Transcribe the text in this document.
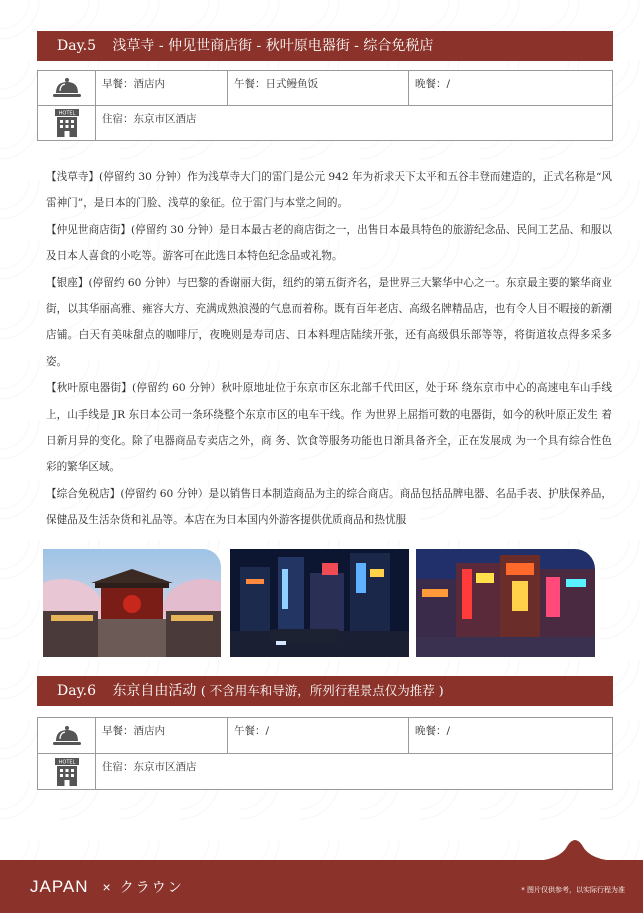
Day.5 浅草寺 - 仲见世商店街 - 秋叶原电器街 - 综合免税店
	早餐：酒店内	午餐：日式鳗鱼饭	晚餐：/

HOTEL	住宿：东京市区酒店		

【浅草寺】(停留约 30 分钟）作为浅草寺大门的雷门是公元 942 年为祈求天下太平和五谷丰登而建造的，正式名称是“风雷神门”，是日本的门脸、浅草的象征。位于雷门与本堂之间的。

【仲见世商店街】(停留约 30 分钟）是日本最古老的商店街之一，出售日本最具特色的旅游纪念品、民间工艺品、和服以及日本人喜食的小吃等。游客可在此选日本特色纪念品或礼物。

【银座】(停留约 60 分钟）与巴黎的香谢丽大街，纽约的第五街齐名，是世界三大繁华中心之一。东京最主要的繁华商业街，以其华丽高雅、雍容大方、充满成熟浪漫的气息而着称。既有百年老店、高级名牌精品店，也有令人目不暇接的新潮店铺。白天有美味甜点的咖啡厅，夜晚则是寿司店、日本料理店陆续开张，还有高级俱乐部等等，将街道妆点得多采多姿。

【秋叶原电器街】(停留约 60 分钟）秋叶原地址位于东京市区东北部千代田区，处于环 绕东京市中心的高速电车山手线上，山手线是 JR 东日本公司一条环绕整个东京市区的电车干线。作 为世界上屈指可数的电器街，如今的秋叶原正发生 着日新月异的变化。除了电器商品专卖店之外，商 务、饮食等服务功能也日渐具备齐全，正在发展成 为一个具有综合性色彩的繁华区域。

【综合免税店】(停留约 60 分钟）是以销售日本制造商品为主的综合商店。商品包括品牌电器、名品手表、护肤保养品，保健品及生活杂货和礼品等。本店在为日本国内外游客提供优质商品和热忧服

Day.6 东京自由活动 ( 不含用车和导游，所列行程景点仅为推荐 )
	早餐：酒店内	午餐：/	晚餐：/

HOTEL	住宿：东京市区酒店		
JAPAN × クラウン	* 图片仅供参考，以实际行程为准
